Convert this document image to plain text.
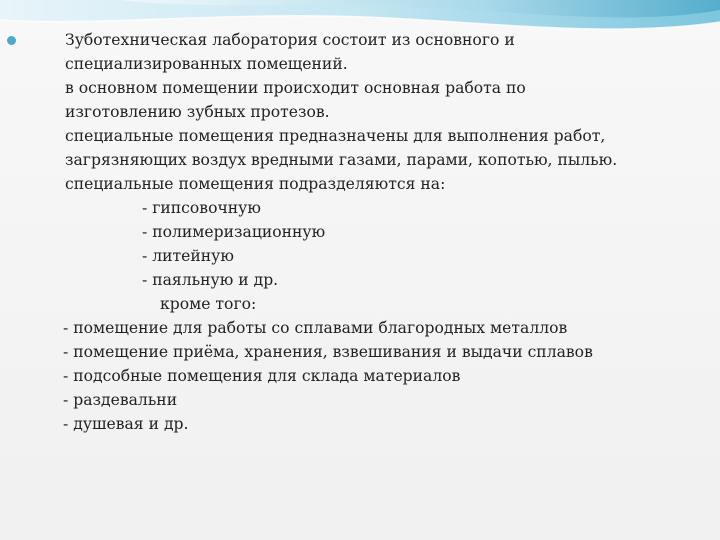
Зуботехническая лаборатория состоит из основного и
специализированных помещений.
в основном помещении происходит основная работа по
изготовлению зубных протезов.
специальные помещения предназначены для выполнения работ,
загрязняющих воздух вредными газами, парами, копотью, пылью.
специальные помещения подразделяются на:
- гипсовочную
- полимеризационную
- литейную
- паяльную и др.
кроме того:
- помещение для работы со сплавами благородных металлов
- помещение приёма, хранения, взвешивания и выдачи сплавов
- подсобные помещения для склада материалов
- раздевальни
- душевая и др.
